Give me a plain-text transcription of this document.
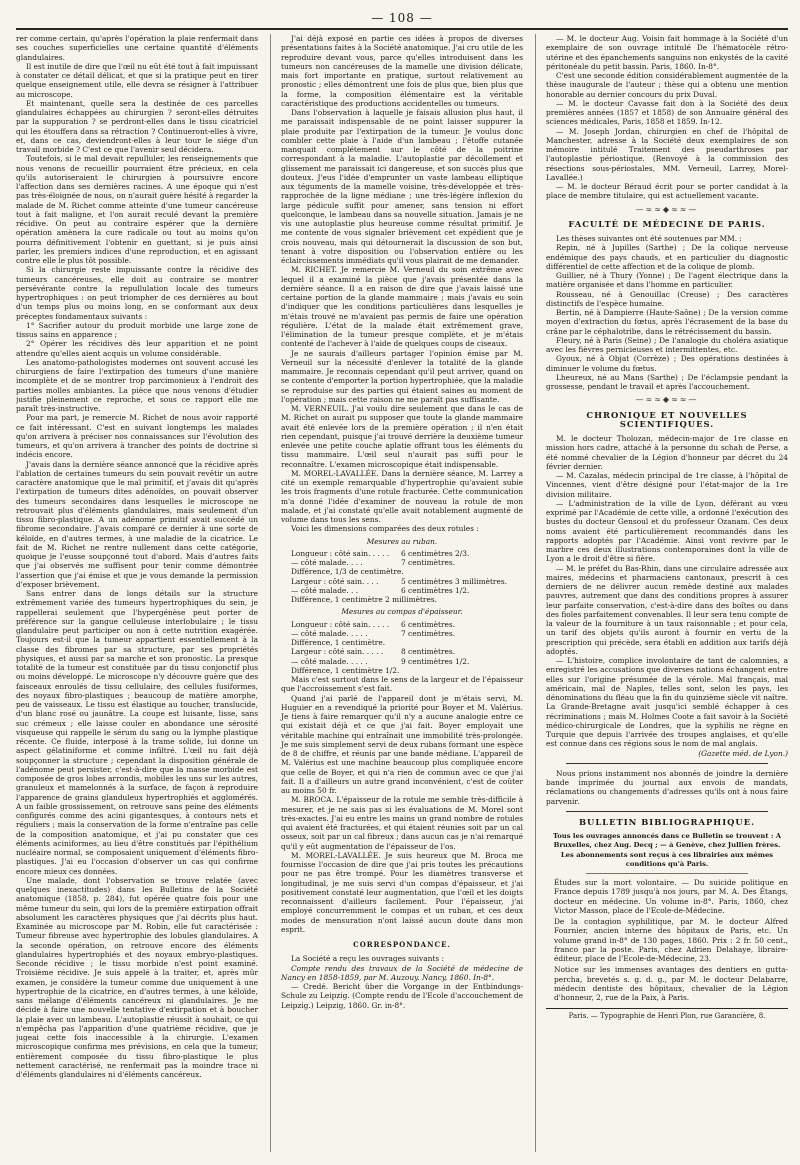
— 108 —

rer comme certain, qu'après l'opération la plaie renfermait dans ses couches superficielles une certaine quantité d'éléments glandulaires.

Il est inutile de dire que l'œil nu eût été tout à fait impuissant à constater ce détail délicat, et que si la pratique peut en tirer quelque enseignement utile, elle devra se résigner à l'attribuer au microscope.

Et maintenant, quelle sera la destinée de ces parcelles glandulaires échappées au chirurgien ? seront-elles détruites par la suppuration ? se perdront-elles dans le tissu cicatriciel qui les étouffera dans sa rétraction ? Continueront-elles à vivre, et, dans ce cas, deviendront-elles à leur tour le siége d'un travail morbide ? C'est ce que l'avenir seul décidera.

Toutefois, si le mal devait repulluler, les renseignements que nous venons de recueillir pourraient être précieux, en cela qu'ils autoriseraient le chirurgien à poursuivre encore l'affection dans ses dernières racines. A une époque qui n'est pas très-éloignée de nous, on n'aurait guère hésité à regarder la malade de M. Richet comme atteinte d'une tumeur cancéreuse tout à fait maligne, et l'on aurait reculé devant la première récidive. On peut au contraire espérer que la dernière opération amènera la cure radicale ou tout au moins qu'on pourra définitivement l'obtenir en guettant, si je puis ainsi parler, les premiers indices d'une reproduction, et en agissant contre elle le plus tôt possible.

Si la chirurgie reste impuissante contre la récidive des tumeurs cancéreuses, elle doit au contraire se montrer persévérante contre la repullulation locale des tumeurs hypertrophiques : on peut triompher de ces dernières au bout d'un temps plus ou moins long, en se conformant aux deux préceptes fondamentaux suivants :

1° Sacrifier autour du produit morbide une large zone de tissus sains en apparence ;

2° Opérer les récidives dès leur apparition et ne point attendre qu'elles aient acquis un volume considérable.

Les anatomo-pathologistes modernes ont souvent accusé les chirurgiens de faire l'extirpation des tumeurs d'une manière incomplète et de se montrer trop parcimonieux à l'endroit des parties molles ambiantes. La pièce que nous venons d'étudier justifie pleinement ce reproche, et sous ce rapport elle me paraît très-instructive.

Pour ma part, je remercie M. Richet de nous avoir rapporté ce fait intéressant. C'est en suivant longtemps les malades qu'on arrivera à préciser nos connaissances sur l'évolution des tumeurs, et qu'on arrivera à trancher des points de doctrine si indécis encore.

J'avais dans la dernière séance annoncé que la récidive après l'ablation de certaines tumeurs du sein pouvait revêtir un autre caractère anatomique que le mal primitif, et j'avais dit qu'après l'extirpation de tumeurs dites adénoïdes, on pouvait observer des tumeurs secondaires dans lesquelles le microscope ne retrouvait plus d'éléments glandulaires, mais seulement d'un tissu fibro-plastique. A un adénome primitif avait succédé un fibrome secondaire. J'avais comparé ce dernier à une sorte de kéloïde, en d'autres termes, à une maladie de la cicatrice. Le fait de M. Richet ne rentre nullement dans cette catégorie, quoique je l'eusse soupçonné tout d'abord. Mais d'autres faits que j'ai observés me suffisent pour tenir comme démontrée l'assertion que j'ai émise et que je vous demande la permission d'exposer brièvement.

Sans entrer dans de longs détails sur la structure extrêmement variée des tumeurs hypertrophiques du sein, je rappellerai seulement que l'hypergénèse peut porter de préférence sur la gangue celluleuse interlobulaire ; le tissu glandulaire peut participer ou non à cette nutrition exagérée. Toujours est-il que la tumeur appartient essentiellement à la classe des fibromes par sa structure, par ses propriétés physiques, et aussi par sa marche et son pronostic. La presque totalité de la tumeur est constituée par du tissu conjonctif plus ou moins développé. Le microscope n'y découvre guère que des faisceaux enroulés de tissu cellulaire, des cellules fusiformes, des noyaux fibro-plastiques ; beaucoup de matière amorphe, peu de vaisseaux. Le tissu est élastique au toucher, translucide, d'un blanc rosé ou jaunâtre. La coupe est luisante, lisse, sans suc crémeux ; elle laisse couler en abondance une sérosité visqueuse qui rappelle le sérum du sang ou la lymphe plastique récente. Ce fluide, interposé à la trame solide, lui donne un aspect gélatiniforme et comme infiltré. L'œil nu fait déjà soupçonner la structure ; cependant la disposition générale de l'adénome peut persister, c'est-à-dire que la masse morbide est composée de gros lobes arrondis, mobiles les uns sur les autres, granuleux et mamelonnés à la surface, de façon à reproduire l'apparence de grains glanduleux hypertrophiés et agglomérés. A un faible grossissement, on retrouve sans peine des éléments configurés comme des acini gigantesques, à contours nets et réguliers ; mais la conservation de la forme n'entraîne pas celle de la composition anatomique, et j'ai pu constater que ces éléments aciniformes, au lieu d'être constitués par l'épithélium nucléaire normal, se composaient uniquement d'éléments fibro-plastiques. J'ai eu l'occasion d'observer un cas qui confirme encore mieux ces données.

Une malade, dont l'observation se trouve relatée (avec quelques inexactitudes) dans les Bulletins de la Société anatomique (1858, p. 284), fut opérée quatre fois pour une même tumeur du sein, qui lors de la première extirpation offrait absolument les caractères physiques que j'ai décrits plus haut. Examinée au microscope par M. Robin, elle fut caractérisée : Tumeur fibreuse avec hypertrophie des lobules glandulaires. A la seconde opération, on retrouve encore des éléments glandulaires hypertrophiés et des noyaux embryo-plastiques. Seconde récidive ; le tissu morbide n'est point examiné. Troisième récidive. Je suis appelé à la traiter, et, après mûr examen, je considère la tumeur comme due uniquement à une hypertrophie de la cicatrice, en d'autres termes, à une kéloïde, sans mélange d'éléments cancéreux ni glandulaires. Je me décide à faire une nouvelle tentative d'extirpation et à boucher la plaie avec un lambeau. L'autoplastie réussit à souhait, ce qui n'empêcha pas l'apparition d'une quatrième récidive, que je jugeai cette fois inaccessible à la chirurgie. L'examen microscopique confirma mes prévisions, en cela que la tumeur, entièrement composée du tissu fibro-plastique le plus nettement caractérisé, ne renfermait pas la moindre trace ni d'éléments glandulaires ni d'éléments cancéreux.

J'ai déjà exposé en partie ces idées à propos de diverses présentations faites à la Société anatomique. J'ai cru utile de les reproduire devant vous, parce qu'elles introduisent dans les tumeurs non cancéreuses de la mamelle une division délicate, mais fort importante en pratique, surtout relativement au pronostic ; elles démontrent une fois de plus que, bien plus que la forme, la composition élémentaire est la véritable caractéristique des productions accidentelles ou tumeurs.

Dans l'observation à laquelle je faisais allusion plus haut, il me paraissait indispensable de ne point laisser suppurer la plaie produite par l'extirpation de la tumeur. Je voulus donc combler cette plaie à l'aide d'un lambeau ; l'étoffe cutanée manquait complétement sur le côté de la poitrine correspondant à la maladie. L'autoplastie par décollement et glissement me paraissait ici dangereuse, et son succès plus que douteux. J'eus l'idée d'emprunter un vaste lambeau elliptique aux téguments de la mamelle voisine, très-développée et très-rapprochée de la ligne médiane ; une très-légère inflexion du large pédicule suffit pour amener, sans tension ni effort quelconque, le lambeau dans sa nouvelle situation. Jamais je ne vis une autoplastie plus heureuse comme résultat primitif. Je me contente de vous signaler brièvement cet expédient que je crois nouveau, mais qui détournerait la discussion de son but, tenant à votre disposition ou l'observation entière ou les éclaircissements immédiats qu'il vous plairait de me demander.

M. RICHET. Je remercie M. Verneuil du soin extrême avec lequel il a examiné la pièce que j'avais présentée dans la dernière séance. Il a en raison de dire que j'avais laissé une certaine portion de la glande mammaire ; mais j'avais eu soin d'indiquer que les conditions particulières dans lesquelles je m'étais trouvé ne m'avaient pas permis de faire une opération régulière. L'état de la malade était extrêmement grave, l'élimination de la tumeur presque complète, et je m'étais contenté de l'achever à l'aide de quelques coups de ciseaux.

Je ne saurais d'ailleurs partager l'opinion émise par M. Verneuil sur la nécessité d'enlever la totalité de la glande mammaire. Je reconnais cependant qu'il peut arriver, quand on se contente d'emporter la portion hypertrophiée, que la maladie se reproduise sur des parties qui étaient saines au moment de l'opération ; mais cette raison ne me paraît pas suffisante.

M. VERNEUIL. J'ai voulu dire seulement que dans le cas de M. Richet on aurait pu supposer que toute la glande mammaire avait été enlevée lors de la première opération ; il n'en était rien cependant, puisque j'ai trouvé derrière la deuxième tumeur enlevée une petite couche aplatie offrant tous les éléments du tissu mammaire. L'œil seul n'aurait pas suffi pour le reconnaître. L'examen microscopique était indispensable.

M. MOREL-LAVALLÉE. Dans la dernière séance, M. Larrey a cité un exemple remarquable d'hypertrophie qu'avaient subie les trois fragments d'une rotule fracturée. Cette communication m'a donné l'idée d'examiner de nouveau la rotule de mon malade, et j'ai constaté qu'elle avait notablement augmenté de volume dans tous les sens.

Voici les dimensions comparées des deux rotules :

Mesures au ruban.
Longueur : côté sain. . . . .	6 centimètres 2/3.
— côté malade. . . .	7 centimètres.
Différence, 1/3 de centimètre.
Largeur : côté sain. . . .	5 centimètres 3 millimètres.
— côté malade. . .	6 centimètres 1/2.
Différence, 1 centimètre 2 millimètres.
Mesures au compas d'épaisseur.
Longueur : côté sain. . . . .	6 centimètres.
— côté malade. . . . .	7 centimètres.
Différence, 1 centimètre.
Largeur : côté sain. . . . .	8 centimètres.
— côté malade. . . . .	9 centimètres 1/2.
Différence, 1 centimètre 1/2.

Mais c'est surtout dans le sens de la largeur et de l'épaisseur que l'accroissement s'est fait.

Quand j'ai parlé de l'appareil dont je m'étais servi, M. Huguier en a revendiqué la priorité pour Boyer et M. Valérius. Je tiens à faire remarquer qu'il n'y a aucune analogie entre ce qui existait déjà et ce que j'ai fait. Boyer employait une véritable machine qui entraînait une immobilité très-prolongée. Je me suis simplement servi de deux rubans formant une espèce de 8 de chiffre, et réunis par une bande médiane. L'appareil de M. Valérius est une machine beaucoup plus compliquée encore que celle de Boyer, et qui n'a rien de commun avec ce que j'ai fait. Il a d'ailleurs un autre grand inconvénient, c'est de coûter au moins 50 fr.

M. BROCA. L'épaisseur de la rotule me semble très-difficile à mesurer, et je ne sais pas si les évaluations de M. Morel sont très-exactes. J'ai eu entre les mains un grand nombre de rotules qui avaient été fracturées, et qui étaient réunies soit par un cal osseux, soit par un cal fibreux ; dans aucun cas je n'ai remarqué qu'il y eût augmentation de l'épaisseur de l'os.

M. MOREL-LAVALLÉE. Je suis heureux que M. Broca me fournisse l'occasion de dire que j'ai pris toutes les précautions pour ne pas être trompé. Pour les diamètres transverse et longitudinal, je me suis servi d'un compas d'épaisseur, et j'ai positivement constaté leur augmentation, que l'œil et les doigts reconnaissent d'ailleurs facilement. Pour l'épaisseur, j'ai employé concurremment le compas et un ruban, et ces deux modes de mensuration n'ont laissé aucun doute dans mon esprit.

CORRESPONDANCE.

La Société a reçu les ouvrages suivants :

Compte rendu des travaux de la Société de médecine de Nancy en 1858-1859, par M. Auzouy. Nancy, 1860. In-8°.

— Credé. Bericht über die Vorgange in der Entbindungs-Schule zu Leipzig. (Compte rendu de l'Ecole d'accouchement de Leipzig.) Leipzig, 1860. Gr. in-8°.

— M. le docteur Aug. Voisin fait hommage à la Société d'un exemplaire de son ouvrage intitulé De l'hématocèle rétro-utérine et des épanchements sanguins non enkystés de la cavité péritonéale du petit bassin. Paris, 1860. In-8°.

C'est une seconde édition considérablement augmentée de la thèse inaugurale de l'auteur ; thèse qui a obtenu une mention honorable au dernier concours du prix Duval.

— M. le docteur Cavasse fait don à la Société des deux premières années (1857 et 1858) de son Annuaire général des sciences médicales, Paris, 1858 et 1859. In-12.

— M. Joseph Jordan, chirurgien en chef de l'hôpital de Manchester, adresse à la Société deux exemplaires de son mémoire intitulé Traitement des pseudarthroses par l'autoplastie périostique. (Renvoyé à la commission des résections sous-périostales, MM. Verneuil, Larrey, Morel-Lavallée.)

— M. le docteur Béraud écrit pour se porter candidat à la place de membre titulaire, qui est actuellement vacante.

—≈≈◆≈≈—
FACULTÉ DE MÉDECINE DE PARIS.

Les thèses suivantes ont été soutenues par MM. :

Repin, né à Jupilles (Sarthe) ; De la colique nerveuse endémique des pays chauds, et en particulier du diagnostic différentiel de cette affection et de la colique de plomb.

Guillier, né à Thury (Yonne) ; De l'agent électrique dans la matière organisée et dans l'homme en particulier.

Rousseau, né à Genouillac (Creuse) ; Des caractères distinctifs de l'espèce humaine.

Bertin, né à Dampierre (Haute-Saône) ; De la version comme moyen d'extraction du fœtus, après l'écrasement de la base du crâne par le céphalotribe, dans le rétrécissement du bassin.

Fleury, né à Paris (Seine) ; De l'analogie du choléra asiatique avec les fièvres pernicieuses et intermittentes, etc.

Gyoux, né à Objat (Corrèze) ; Des opérations destinées à diminuer le volume du fœtus.

Lheureux, né au Mans (Sarthe) ; De l'éclampsie pendant la grossesse, pendant le travail et après l'accouchement.

—≈≈◆≈≈—
CHRONIQUE ET NOUVELLES SCIENTIFIQUES.

M. le docteur Tholozan, médecin-major de 1re classe en mission hors cadre, attaché à la personne du schah de Perse, a été nommé chevalier de la Légion d'honneur par décret du 24 février dernier.

— M. Cazalas, médecin principal de 1re classe, à l'hôpital de Vincennes, vient d'être désigné pour l'état-major de la 1re division militaire.

— L'administration de la ville de Lyon, déférant au vœu exprimé par l'Académie de cette ville, a ordonné l'exécution des bustes du docteur Gensoul et du professeur Ozanam. Ces deux noms avaient été particulièrement recommandés dans les rapports adoptés par l'Académie. Ainsi vont revivre par le marbre ces deux illustrations contemporaines dont la ville de Lyon a le droit d'être si fière.

— M. le préfet du Bas-Rhin, dans une circulaire adressée aux maires, médecins et pharmaciens cantonaux, prescrit à ces derniers de ne délivrer aucun remède destiné aux malades pauvres, autrement que dans des conditions propres à assurer leur parfaite conservation, c'est-à-dire dans des boîtes ou dans des fioles parfaitement convenables. Il leur sera tenu compte de la valeur de la fourniture à un taux raisonnable ; et pour cela, un tarif des objets qu'ils auront à fournir en vertu de la prescription qui précède, sera établi en addition aux tarifs déjà adoptés.

— L'histoire, complice involontaire de tant de calomnies, a enregistré les accusations que diverses nations échangent entre elles sur l'origine présumée de la vérole. Mal français, mal américain, mal de Naples, telles sont, selon les pays, les dénominations du fléau que la fin du quinzième siècle vit naître. La Grande-Bretagne avait jusqu'ici semblé échapper à ces récriminations ; mais M. Holmes Coote a fait savoir à la Société médico-chirurgicale de Londres, que la syphilis ne règne en Turquie que depuis l'arrivée des troupes anglaises, et qu'elle est connue dans ces régions sous le nom de mal anglais.

(Gazette méd. de Lyon.)

Nous prions instamment nos abonnés de joindre la dernière bande imprimée du journal aux envois de mandats, réclamations ou changements d'adresses qu'ils ont à nous faire parvenir.

BULLETIN BIBLIOGRAPHIQUE.

Tous les ouvrages annoncés dans ce Bulletin se trouvent : A Bruxelles, chez Aug. Decq ; — à Genève, chez Jullien frères.

Les abonnements sont reçus à ces librairies aux mêmes conditions qu'à Paris.

Études sur la mort volontaire. — Du suicide politique en France depuis 1789 jusqu'à nos jours, par M. A. Des Étangs, docteur en médecine. Un volume in-8°. Paris, 1860, chez Victor Masson, place de l'Ecole-de-Médecine.

De la contagion syphilitique, par M. le docteur Alfred Fournier, ancien interne des hôpitaux de Paris, etc. Un volume grand in-8° de 130 pages, 1860. Prix : 2 fr. 50 cent., franco par la poste. Paris, chez Adrien Delahaye, libraire-éditeur, place de l'Ecole-de-Médecine, 23.

Notice sur les immenses avantages des dentiers en gutta-percha, brevetés s. g. d. g., par M. le docteur Delabarre, médecin dentiste des hôpitaux, chevalier de la Légion d'honneur, 2, rue de la Paix, à Paris.

Paris. — Typographie de Henri Plon, rue Garancière, 8.
